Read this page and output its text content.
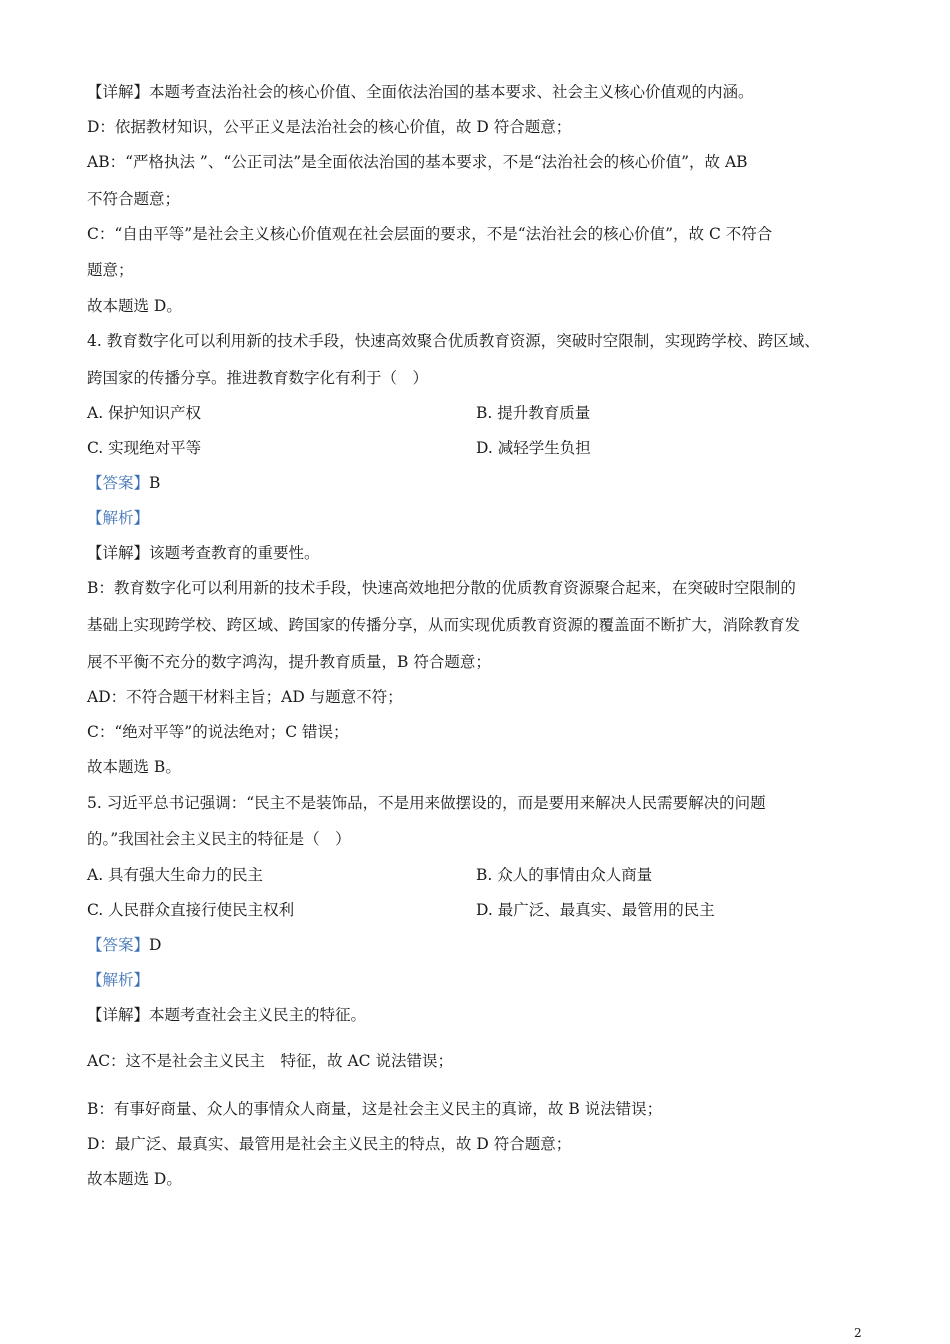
【详解】本题考查法治社会的核心价值、全面依法治国的基本要求、社会主义核心价值观的内涵。
D：依据教材知识，公平正义是法治社会的核心价值，故 D 符合题意；
AB：“严格执法 ”、“公正司法”是全面依法治国的基本要求，不是“法治社会的核心价值”，故 AB
不符合题意；
C：“自由平等”是社会主义核心价值观在社会层面的要求，不是“法治社会的核心价值”，故 C 不符合
题意；
故本题选 D。
4. 教育数字化可以利用新的技术手段，快速高效聚合优质教育资源，突破时空限制，实现跨学校、跨区域、
跨国家的传播分享。推进教育数字化有利于（　）
A. 保护知识产权	B. 提升教育质量
C. 实现绝对平等	D. 减轻学生负担
【答案】B
【解析】
【详解】该题考查教育的重要性。
B：教育数字化可以利用新的技术手段，快速高效地把分散的优质教育资源聚合起来，在突破时空限制的
基础上实现跨学校、跨区域、跨国家的传播分享，从而实现优质教育资源的覆盖面不断扩大，消除教育发
展不平衡不充分的数字鸿沟，提升教育质量，B 符合题意；
AD：不符合题干材料主旨；AD 与题意不符；
C：“绝对平等”的说法绝对；C 错误；
故本题选 B。
5. 习近平总书记强调：“民主不是装饰品，不是用来做摆设的，而是要用来解决人民需要解决的问题
的。”我国社会主义民主的特征是（　）
A. 具有强大生命力的民主	B. 众人的事情由众人商量
C. 人民群众直接行使民主权利	D. 最广泛、最真实、最管用的民主
【答案】D
【解析】
【详解】本题考查社会主义民主的特征。
AC：这不是社会主义民主　特征，故 AC 说法错误；
B：有事好商量、众人的事情众人商量，这是社会主义民主的真谛，故 B 说法错误；
D：最广泛、最真实、最管用是社会主义民主的特点，故 D 符合题意；
故本题选 D。
2
